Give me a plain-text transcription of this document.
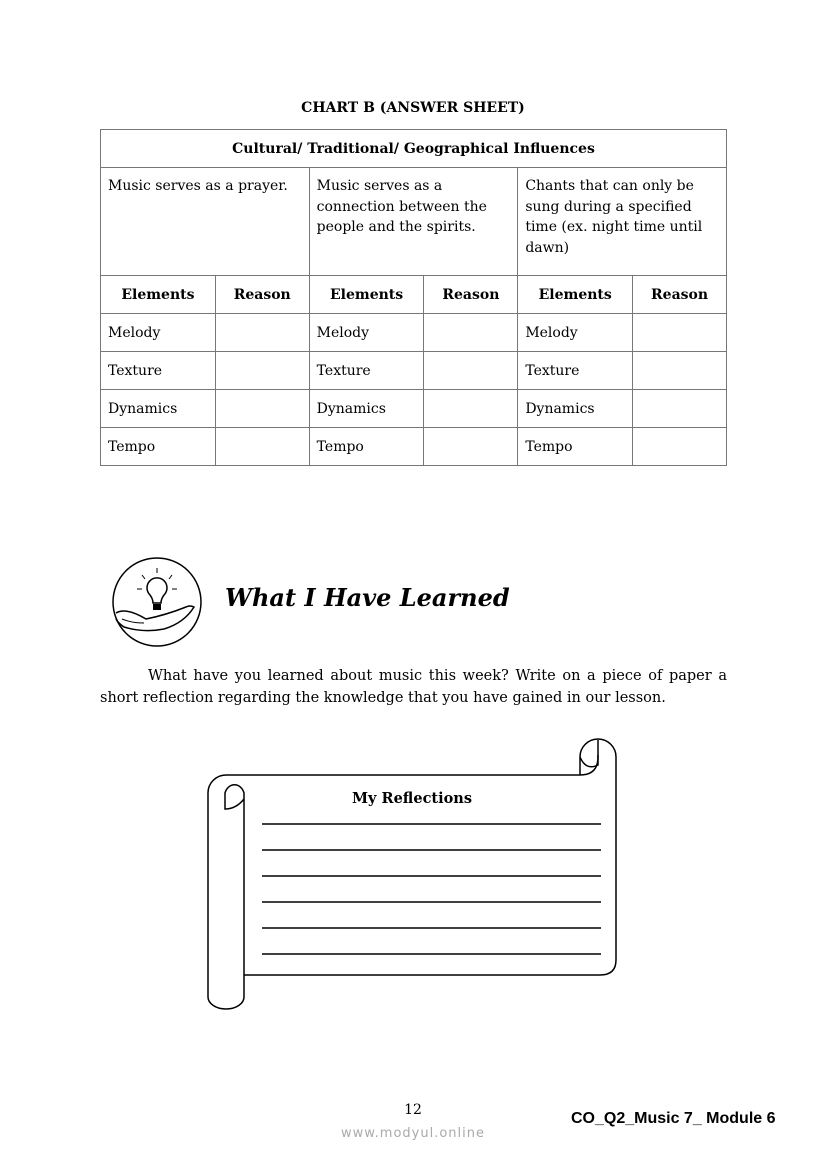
CHART B (ANSWER SHEET)
Cultural/ Traditional/ Geographical Influences					
Music serves as a prayer.		Music serves as a connection between the people and the spirits.		Chants that can only be sung during a specified time (ex. night time until dawn)	
Elements	Reason	Elements	Reason	Elements	Reason
Melody		Melody		Melody	
Texture		Texture		Texture	
Dynamics		Dynamics		Dynamics	
Tempo		Tempo		Tempo	
What I Have Learned
What have you learned about music this week? Write on a piece of paper a short reflection regarding the knowledge that you have gained in our lesson.
My Reflections
12	CO_Q2_Music 7_ Module 6
www.modyul.online
